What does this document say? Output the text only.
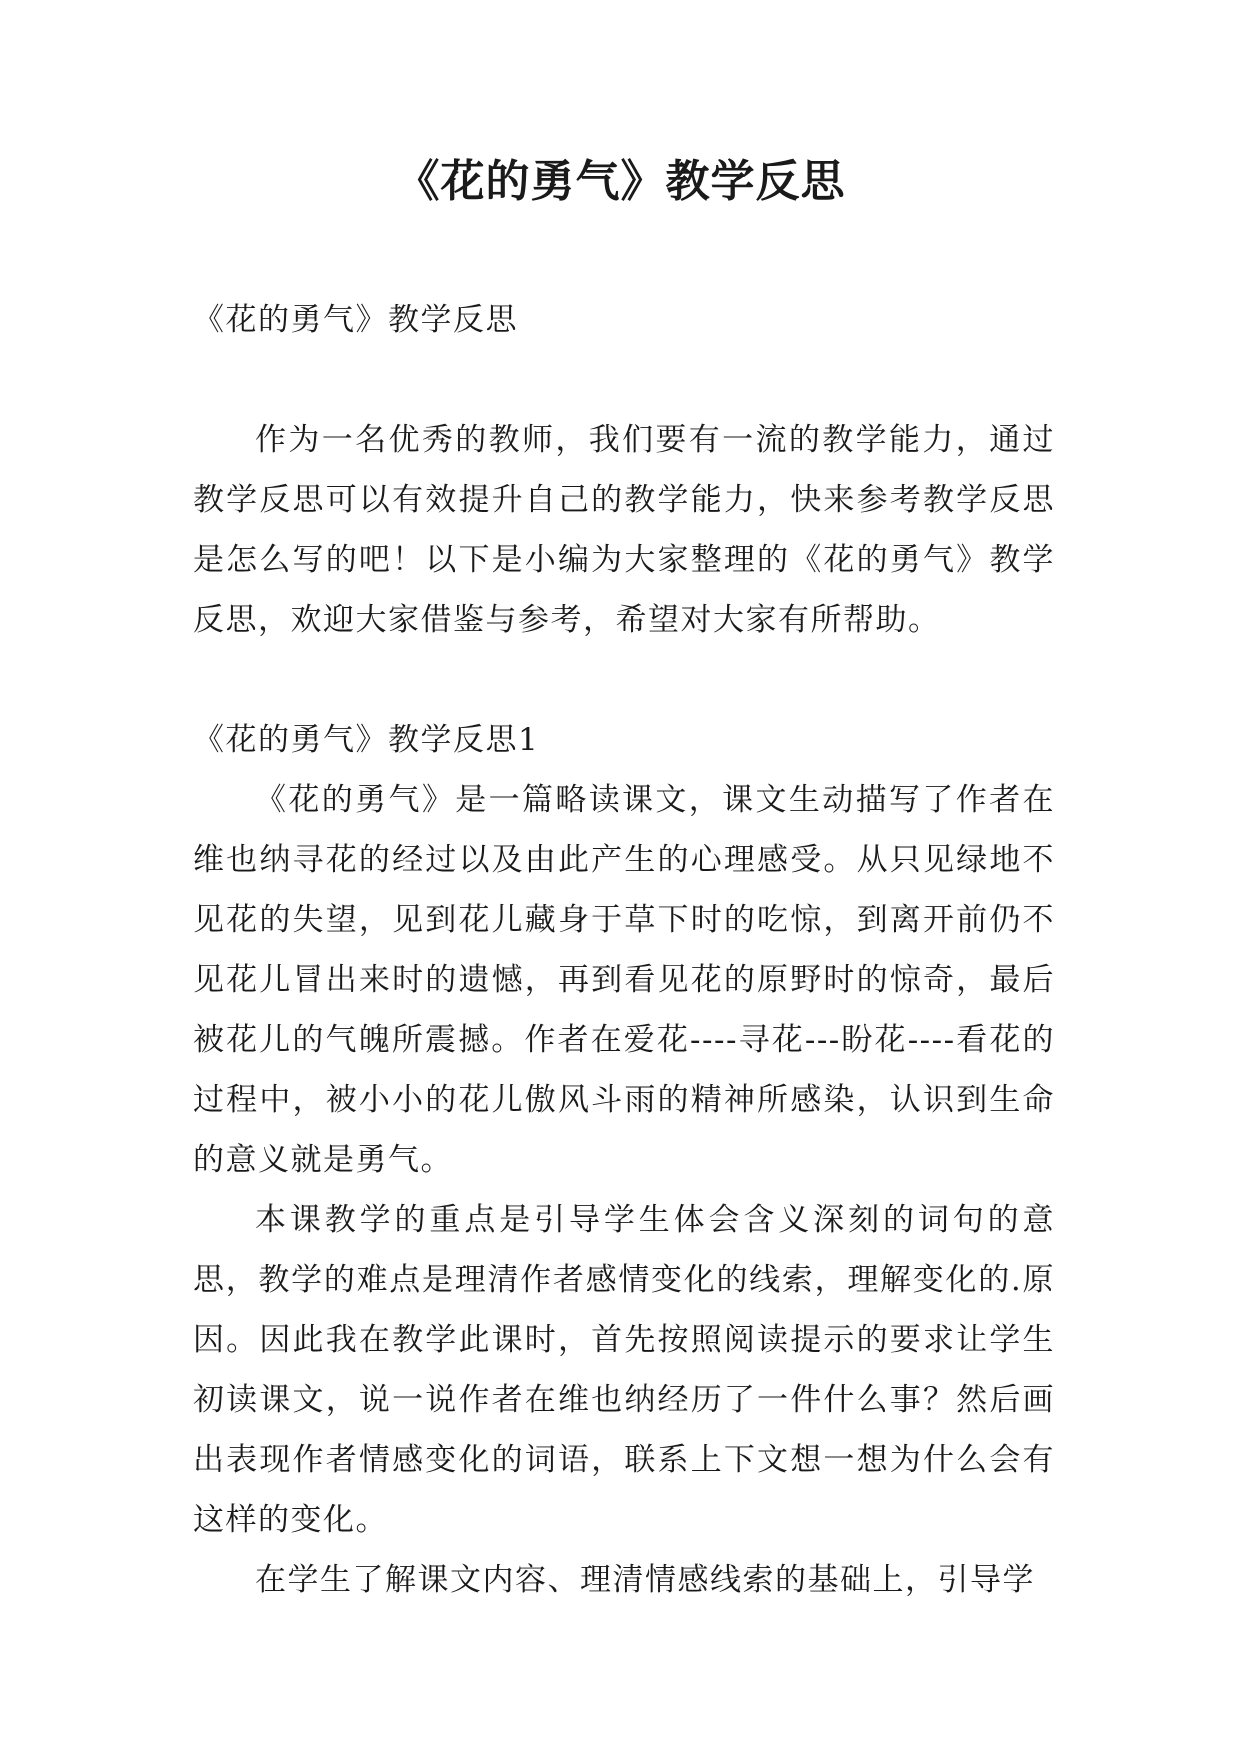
《花的勇气》教学反思

《花的勇气》教学反思

作为一名优秀的教师，我们要有一流的教学能力，通过教学反思可以有效提升自己的教学能力，快来参考教学反思是怎么写的吧！以下是小编为大家整理的《花的勇气》教学反思，欢迎大家借鉴与参考，希望对大家有所帮助。

《花的勇气》教学反思1

《花的勇气》是一篇略读课文，课文生动描写了作者在维也纳寻花的经过以及由此产生的心理感受。从只见绿地不见花的失望，见到花儿藏身于草下时的吃惊，到离开前仍不见花儿冒出来时的遗憾，再到看见花的原野时的惊奇，最后被花儿的气魄所震撼。作者在爱花----寻花---盼花----看花的过程中，被小小的花儿傲风斗雨的精神所感染，认识到生命的意义就是勇气。

本课教学的重点是引导学生体会含义深刻的词句的意思，教学的难点是理清作者感情变化的线索，理解变化的.原因。因此我在教学此课时，首先按照阅读提示的要求让学生初读课文，说一说作者在维也纳经历了一件什么事？然后画出表现作者情感变化的词语，联系上下文想一想为什么会有这样的变化。

在学生了解课文内容、理清情感线索的基础上，引导学
